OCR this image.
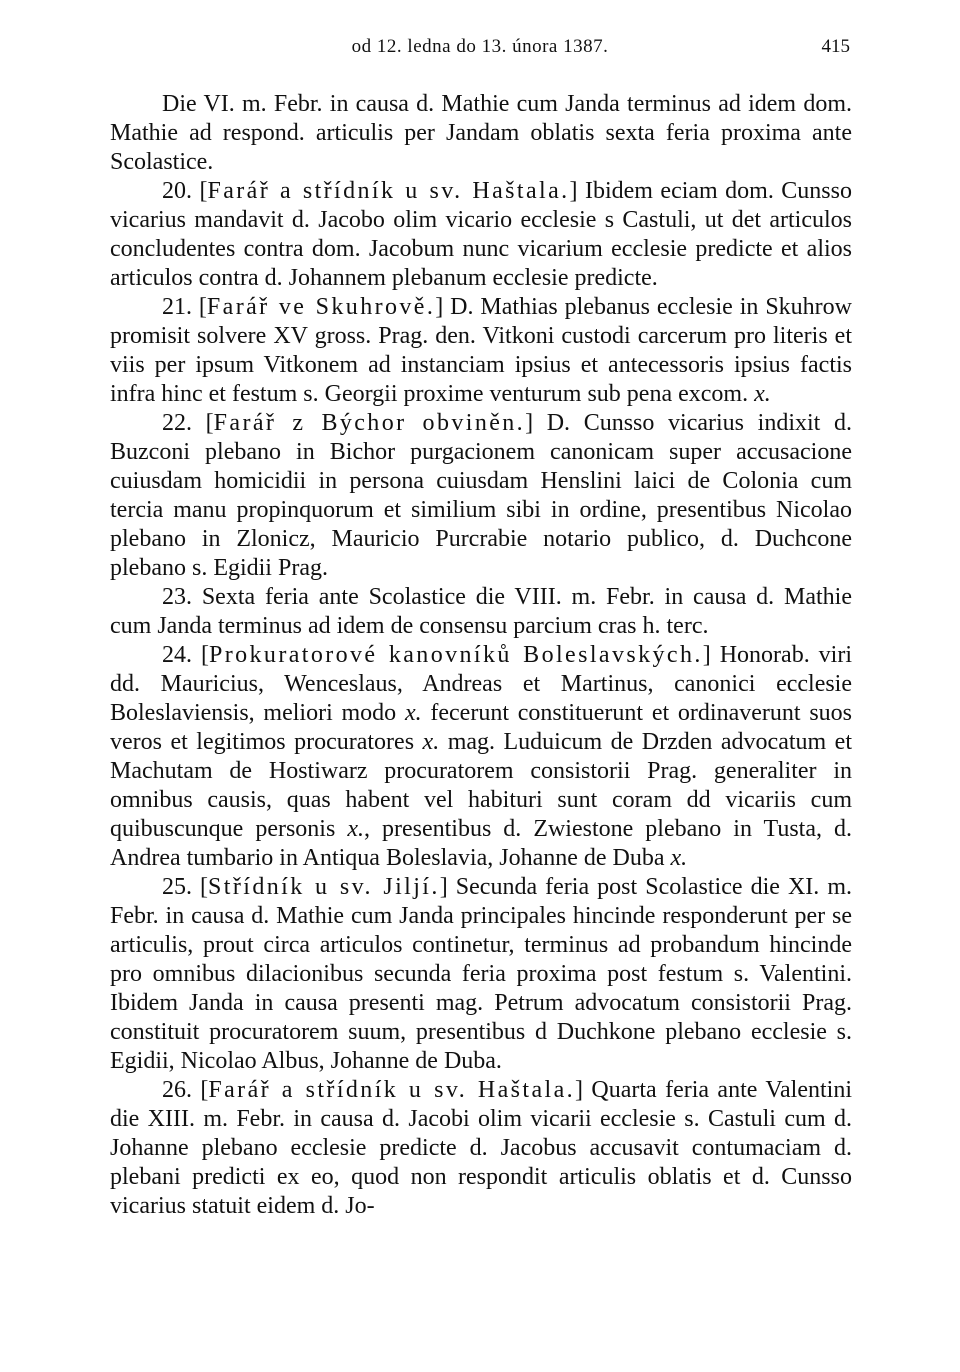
od 12. ledna do 13. února 1387.	415

Die VI. m. Febr. in causa d. Mathie cum Janda terminus ad idem dom. Mathie ad respond. articulis per Jandam oblatis sexta feria proxima ante Scolastice.

20. [Farář a střídník u sv. Haštala.] Ibidem eciam dom. Cunsso vicarius mandavit d. Jacobo olim vicario ecclesie s Castuli, ut det articulos concludentes contra dom. Jacobum nunc vicarium ecclesie predicte et alios articulos contra d. Johannem plebanum ecclesie predicte.

21. [Farář ve Skuhrově.] D. Mathias plebanus ecclesie in Skuhrow promisit solvere XV gross. Prag. den. Vitkoni custodi carcerum pro literis et viis per ipsum Vitkonem ad instanciam ipsius et antecessoris ipsius factis infra hinc et festum s. Georgii proxime venturum sub pena excom. x.

22. [Farář z Býchor obviněn.] D. Cunsso vicarius indixit d. Buzconi plebano in Bichor purgacionem canonicam super accusacione cuiusdam homicidii in persona cuiusdam Henslini laici de Colonia cum tercia manu propinquorum et similium sibi in ordine, presentibus Nicolao plebano in Zlonicz, Mauricio Purcrabie notario publico, d. Duchcone plebano s. Egidii Prag.

23. Sexta feria ante Scolastice die VIII. m. Febr. in causa d. Mathie cum Janda terminus ad idem de consensu parcium cras h. terc.

24. [Prokuratorové kanovníků Boleslavských.] Honorab. viri dd. Mauricius, Wenceslaus, Andreas et Martinus, canonici ecclesie Boleslaviensis, meliori modo x. fecerunt constituerunt et ordinaverunt suos veros et legitimos procuratores x. mag. Luduicum de Drzden advocatum et Machutam de Hostiwarz procuratorem consistorii Prag. generaliter in omnibus causis, quas habent vel habituri sunt coram dd vicariis cum quibuscunque personis x., presentibus d. Zwiestone plebano in Tusta, d. Andrea tumbario in Antiqua Boleslavia, Johanne de Duba x.

25. [Střídník u sv. Jiljí.] Secunda feria post Scolastice die XI. m. Febr. in causa d. Mathie cum Janda principales hincinde responderunt per se articulis, prout circa articulos continetur, terminus ad probandum hincinde pro omnibus dilacionibus secunda feria proxima post festum s. Valentini. Ibidem Janda in causa presenti mag. Petrum advocatum consistorii Prag. constituit procuratorem suum, presentibus d Duchkone plebano ecclesie s. Egidii, Nicolao Albus, Johanne de Duba.

26. [Farář a střídník u sv. Haštala.] Quarta feria ante Valentini die XIII. m. Febr. in causa d. Jacobi olim vicarii ecclesie s. Castuli cum d. Johanne plebano ecclesie predicte d. Jacobus accusavit contumaciam d. plebani predicti ex eo, quod non respondit articulis oblatis et d. Cunsso vicarius statuit eidem d. Jo-
